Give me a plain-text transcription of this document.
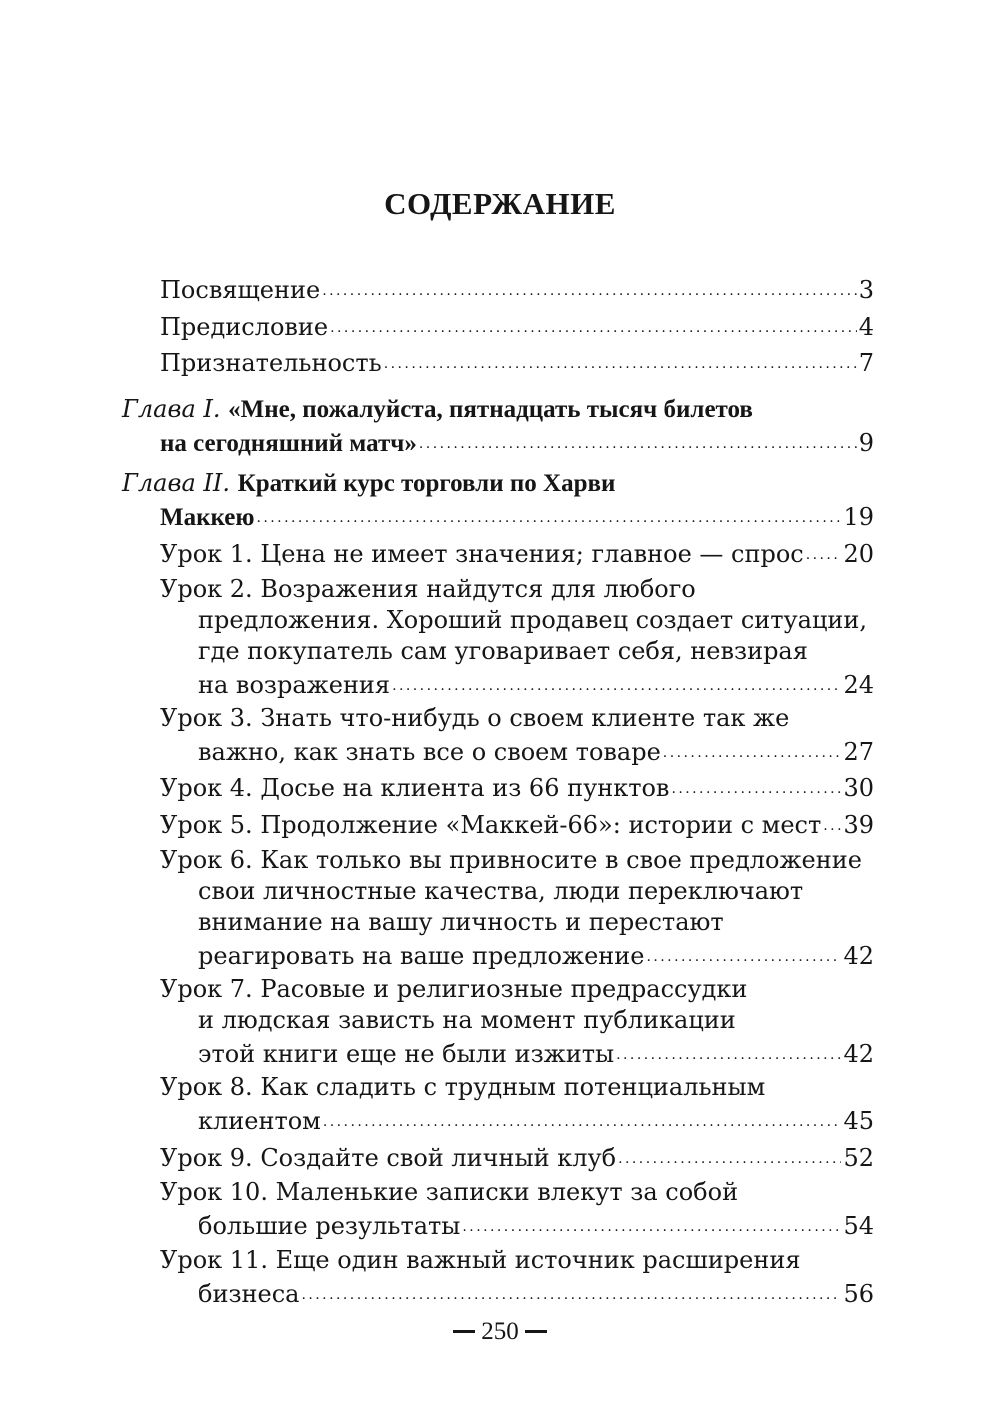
СОДЕРЖАНИЕ
Посвящение . . .	3
Предисловие . . .	4
Признательность . . .	7
Глава I. «Мне, пожалуйста, пятнадцать тысяч билетов
на сегодняшний матч» . . .	9
Глава II. Краткий курс торговли по Харви
Маккею . . .	19
Урок 1. Цена не имеет значения; главное — спрос . . . 20
Урок 2. Возражения найдутся для любого
предложения. Хороший продавец создает ситуации,
где покупатель сам уговаривает себя, невзирая
на возражения . . .	24
Урок 3. Знать что-нибудь о своем клиенте так же
важно, как знать все о своем товаре . . .	27
Урок 4. Досье на клиента из 66 пунктов . . .	30
Урок 5. Продолжение «Маккей-66»: истории с мест . . . 39
Урок 6. Как только вы привносите в свое предложение
свои личностные качества, люди переключают
внимание на вашу личность и перестают
реагировать на ваше предложение . . .	42
Урок 7. Расовые и религиозные предрассудки
и людская зависть на момент публикации
этой книги еще не были изжиты . . .	42
Урок 8. Как сладить с трудным потенциальным
клиентом . . .	45
Урок 9. Создайте свой личный клуб . . .	52
Урок 10. Маленькие записки влекут за собой
большие результаты . . .	54
Урок 11. Еще один важный источник расширения
бизнеса . . .	56
250
